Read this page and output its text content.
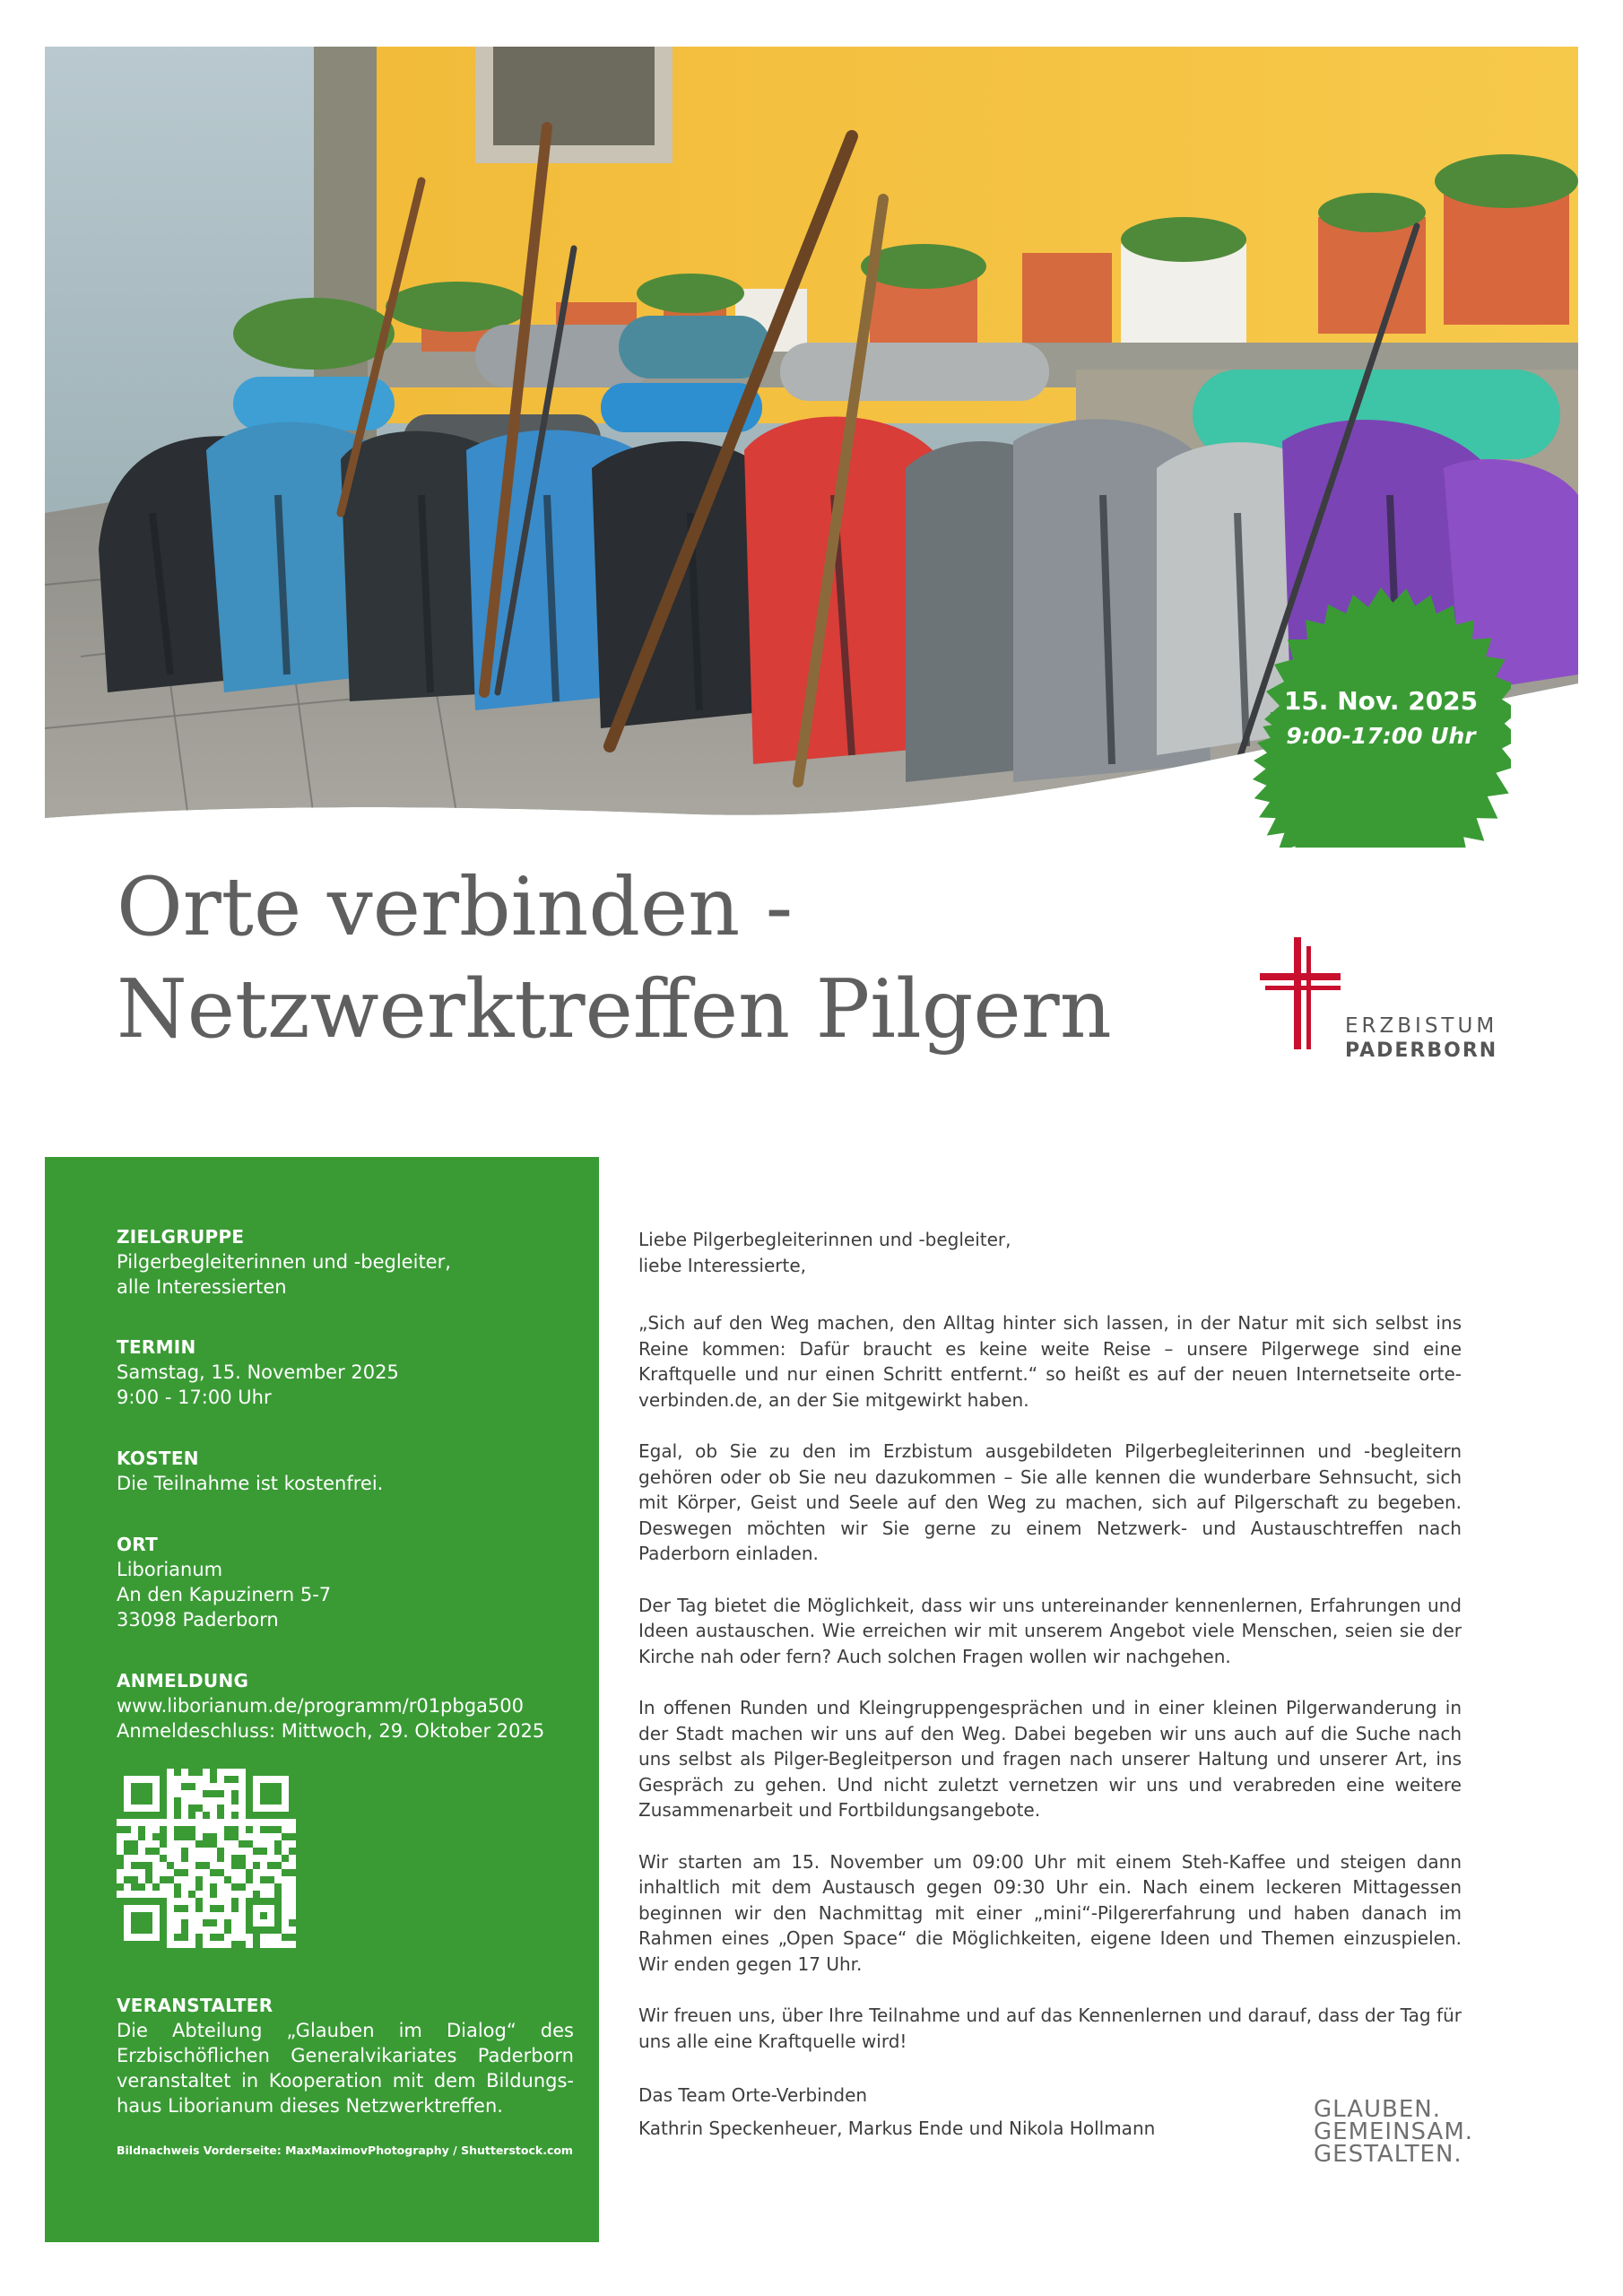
15. Nov. 2025
9:00-17:00 Uhr
Orte verbinden -
Netzwerktreffen Pilgern	ERZBISTUM
PADERBORN
ZIELGRUPPE
Pilgerbegleiterinnen und -begleiter,
alle Interessierten
TERMIN
Samstag, 15. November 2025
9:00 - 17:00 Uhr
KOSTEN
Die Teilnahme ist kostenfrei.
ORT
Liborianum
An den Kapuzinern 5-7
33098 Paderborn
ANMELDUNG
www.liborianum.de/programm/r01pbga500
Anmeldeschluss: Mittwoch, 29. Oktober 2025
VERANSTALTER
Die Abteilung „Glauben im Dialog“ des Erzbischöflichen Generalvikariates Paderborn veranstaltet in Kooperation mit dem Bildungs-haus Liborianum dieses Netzwerktreffen.
Bildnachweis Vorderseite: MaxMaximovPhotography / Shutterstock.com

Liebe Pilgerbegleiterinnen und -begleiter,

liebe Interessierte,

„Sich auf den Weg machen, den Alltag hinter sich lassen, in der Natur mit sich selbst ins Reine kommen: Dafür braucht es keine weite Reise – unsere Pilgerwege sind eine Kraftquelle und nur einen Schritt entfernt.“ so heißt es auf der neuen Internetseite orte-verbinden.de, an der Sie mitgewirkt haben.

Egal, ob Sie zu den im Erzbistum ausgebildeten Pilgerbegleiterinnen und -begleitern gehören oder ob Sie neu dazukommen – Sie alle kennen die wunderbare Sehnsucht, sich mit Körper, Geist und Seele auf den Weg zu machen, sich auf Pilgerschaft zu begeben. Deswegen möchten wir Sie gerne zu einem Netzwerk- und Austauschtreffen nach Paderborn einladen.

Der Tag bietet die Möglichkeit, dass wir uns untereinander kennenlernen, Erfahrungen und Ideen austauschen. Wie erreichen wir mit unserem Angebot viele Menschen, seien sie der Kirche nah oder fern? Auch solchen Fragen wollen wir nachgehen.

In offenen Runden und Kleingruppengesprächen und in einer kleinen Pilgerwanderung in der Stadt machen wir uns auf den Weg. Dabei begeben wir uns auch auf die Suche nach uns selbst als Pilger-Begleitperson und fragen nach unserer Haltung und unserer Art, ins Gespräch zu gehen. Und nicht zuletzt vernetzen wir uns und verabreden eine weitere Zusammenarbeit und Fortbildungsangebote.

Wir starten am 15. November um 09:00 Uhr mit einem Steh-Kaffee und steigen dann inhaltlich mit dem Austausch gegen 09:30 Uhr ein. Nach einem leckeren Mittagessen beginnen wir den Nachmittag mit einer „mini“-Pilgererfahrung und haben danach im Rahmen eines „Open Space“ die Möglichkeiten, eigene Ideen und Themen einzuspielen. Wir enden gegen 17 Uhr.

Wir freuen uns, über Ihre Teilnahme und auf das Kennenlernen und darauf, dass der Tag für uns alle eine Kraftquelle wird!

Das Team Orte-Verbinden

Kathrin Speckenheuer, Markus Ende und Nikola Hollmann

GLAUBEN.
GEMEINSAM.
GESTALTEN.
